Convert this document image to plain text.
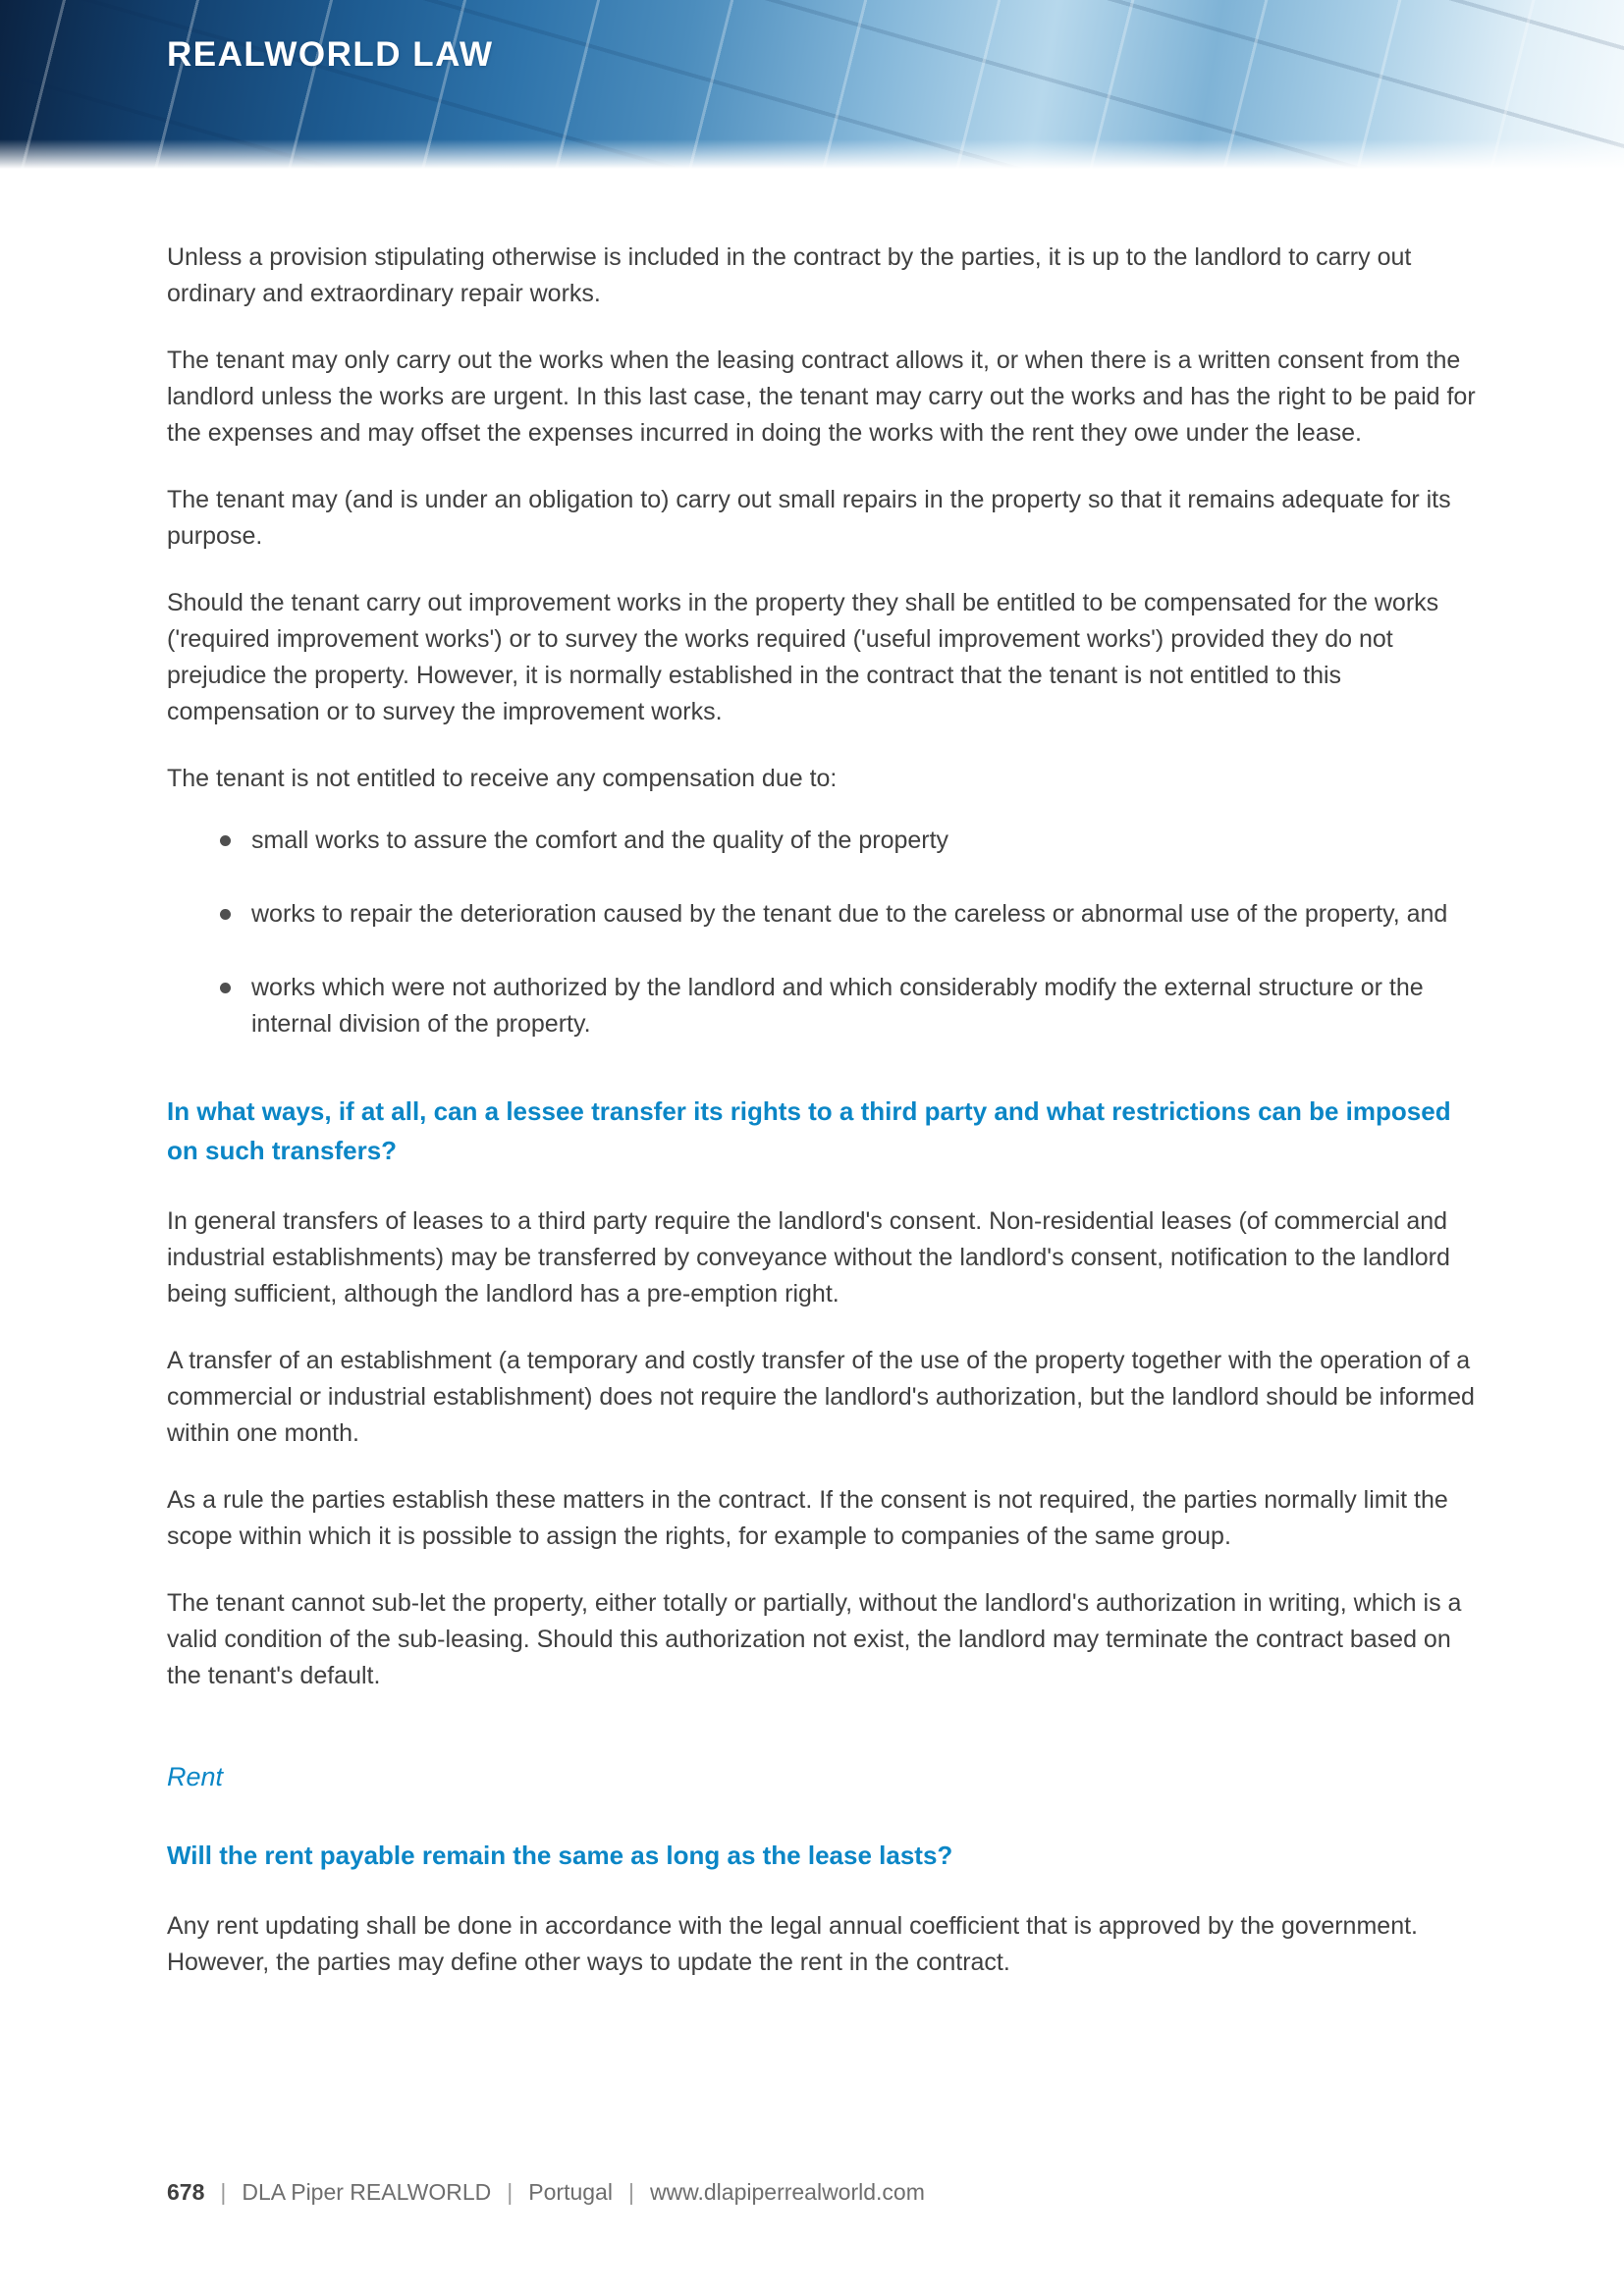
REALWORLD LAW

Unless a provision stipulating otherwise is included in the contract by the parties, it is up to the landlord to carry out ordinary and extraordinary repair works.

The tenant may only carry out the works when the leasing contract allows it, or when there is a written consent from the landlord unless the works are urgent. In this last case, the tenant may carry out the works and has the right to be paid for the expenses and may offset the expenses incurred in doing the works with the rent they owe under the lease.

The tenant may (and is under an obligation to) carry out small repairs in the property so that it remains adequate for its purpose.

Should the tenant carry out improvement works in the property they shall be entitled to be compensated for the works ('required improvement works') or to survey the works required ('useful improvement works') provided they do not prejudice the property. However, it is normally established in the contract that the tenant is not entitled to this compensation or to survey the improvement works.

The tenant is not entitled to receive any compensation due to:

small works to assure the comfort and the quality of the property
works to repair the deterioration caused by the tenant due to the careless or abnormal use of the property, and
works which were not authorized by the landlord and which considerably modify the external structure or the internal division of the property.
In what ways, if at all, can a lessee transfer its rights to a third party and what restrictions can be imposed on such transfers?

In general transfers of leases to a third party require the landlord's consent. Non-residential leases (of commercial and industrial establishments) may be transferred by conveyance without the landlord's consent, notification to the landlord being sufficient, although the landlord has a pre-emption right.

A transfer of an establishment (a temporary and costly transfer of the use of the property together with the operation of a commercial or industrial establishment) does not require the landlord's authorization, but the landlord should be informed within one month.

As a rule the parties establish these matters in the contract. If the consent is not required, the parties normally limit the scope within which it is possible to assign the rights, for example to companies of the same group.

The tenant cannot sub-let the property, either totally or partially, without the landlord's authorization in writing, which is a valid condition of the sub-leasing. Should this authorization not exist, the landlord may terminate the contract based on the tenant's default.

Rent
Will the rent payable remain the same as long as the lease lasts?

Any rent updating shall be done in accordance with the legal annual coefficient that is approved by the government. However, the parties may define other ways to update the rent in the contract.

678 | DLA Piper REALWORLD | Portugal | www.dlapiperrealworld.com
